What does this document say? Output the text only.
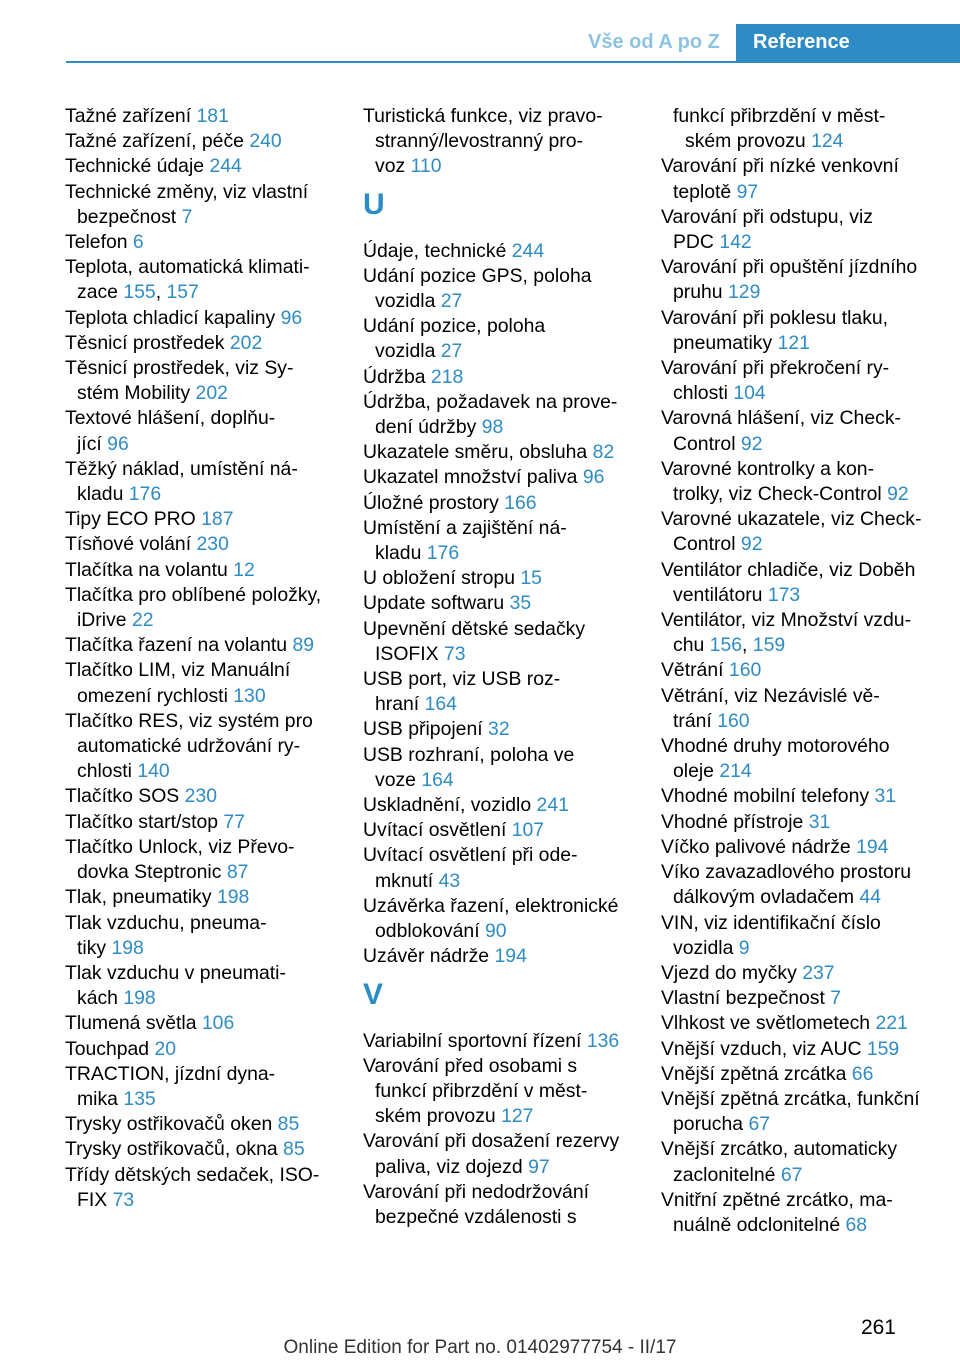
Vše od A po Z Reference
Tažné zařízení 181
Tažné zařízení, péče 240
Technické údaje 244
Technické změny, viz vlastní
bezpečnost 7
Telefon 6
Teplota, automatická klimati-
zace 155, 157
Teplota chladicí kapaliny 96
Těsnicí prostředek 202
Těsnicí prostředek, viz Sy-
stém Mobility 202
Textové hlášení, doplňu-
jící 96
Těžký náklad, umístění ná-
kladu 176
Tipy ECO PRO 187
Tísňové volání 230
Tlačítka na volantu 12
Tlačítka pro oblíbené položky,
iDrive 22
Tlačítka řazení na volantu 89
Tlačítko LIM, viz Manuální
omezení rychlosti 130
Tlačítko RES, viz systém pro
automatické udržování ry-
chlosti 140
Tlačítko SOS 230
Tlačítko start/stop 77
Tlačítko Unlock, viz Převo-
dovka Steptronic 87
Tlak, pneumatiky 198
Tlak vzduchu, pneuma-
tiky 198
Tlak vzduchu v pneumati-
kách 198
Tlumená světla 106
Touchpad 20
TRACTION, jízdní dyna-
mika 135
Trysky ostřikovačů oken 85
Trysky ostřikovačů, okna 85
Třídy dětských sedaček, ISO-
FIX 73
Turistická funkce, viz pravo-
stranný/levostranný pro-
voz 110
U
Údaje, technické 244
Udání pozice GPS, poloha
vozidla 27
Udání pozice, poloha
vozidla 27
Údržba 218
Údržba, požadavek na prove-
dení údržby 98
Ukazatele směru, obsluha 82
Ukazatel množství paliva 96
Úložné prostory 166
Umístění a zajištění ná-
kladu 176
U obložení stropu 15
Update softwaru 35
Upevnění dětské sedačky
ISOFIX 73
USB port, viz USB roz-
hraní 164
USB připojení 32
USB rozhraní, poloha ve
voze 164
Uskladnění, vozidlo 241
Uvítací osvětlení 107
Uvítací osvětlení při ode-
mknutí 43
Uzávěrka řazení, elektronické
odblokování 90
Uzávěr nádrže 194
V
Variabilní sportovní řízení 136
Varování před osobami s
funkcí přibrzdění v měst-
ském provozu 127
Varování při dosažení rezervy
paliva, viz dojezd 97
Varování při nedodržování
bezpečné vzdálenosti s
funkcí přibrzdění v měst-
ském provozu 124
Varování při nízké venkovní
teplotě 97
Varování při odstupu, viz
PDC 142
Varování při opuštění jízdního
pruhu 129
Varování při poklesu tlaku,
pneumatiky 121
Varování při překročení ry-
chlosti 104
Varovná hlášení, viz Check-
Control 92
Varovné kontrolky a kon-
trolky, viz Check-Control 92
Varovné ukazatele, viz Check-
Control 92
Ventilátor chladiče, viz Doběh
ventilátoru 173
Ventilátor, viz Množství vzdu-
chu 156, 159
Větrání 160
Větrání, viz Nezávislé vě-
trání 160
Vhodné druhy motorového
oleje 214
Vhodné mobilní telefony 31
Vhodné přístroje 31
Víčko palivové nádrže 194
Víko zavazadlového prostoru
dálkovým ovladačem 44
VIN, viz identifikační číslo
vozidla 9
Vjezd do myčky 237
Vlastní bezpečnost 7
Vlhkost ve světlometech 221
Vnější vzduch, viz AUC 159
Vnější zpětná zrcátka 66
Vnější zpětná zrcátka, funkční
porucha 67
Vnější zrcátko, automaticky
zaclonitelné 67
Vnitřní zpětné zrcátko, ma-
nuálně odclonitelné 68
261
Online Edition for Part no. 01402977754 - II/17
